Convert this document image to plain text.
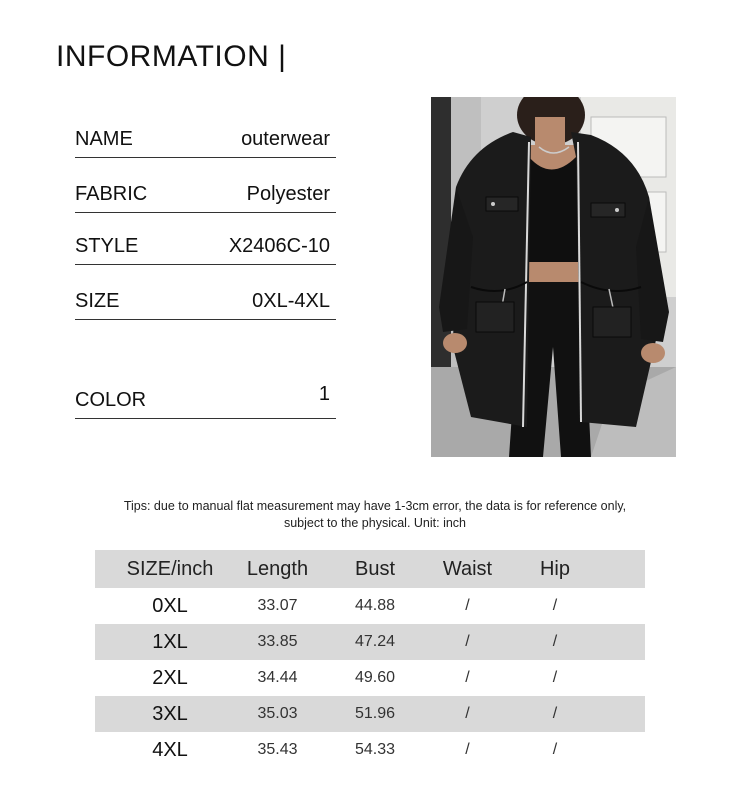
INFORMATION |
NAME	outerwear
FABRIC	Polyester
STYLE	X2406C-10
SIZE	0XL-4XL
COLOR	1
Tips: due to manual flat measurement may have 1-3cm error, the data is for reference only,
subject to the physical. Unit: inch
SIZE/inch	Length	Bust	Waist	Hip
0XL	33.07	44.88	/	/
1XL	33.85	47.24	/	/
2XL	34.44	49.60	/	/
3XL	35.03	51.96	/	/
4XL	35.43	54.33	/	/
